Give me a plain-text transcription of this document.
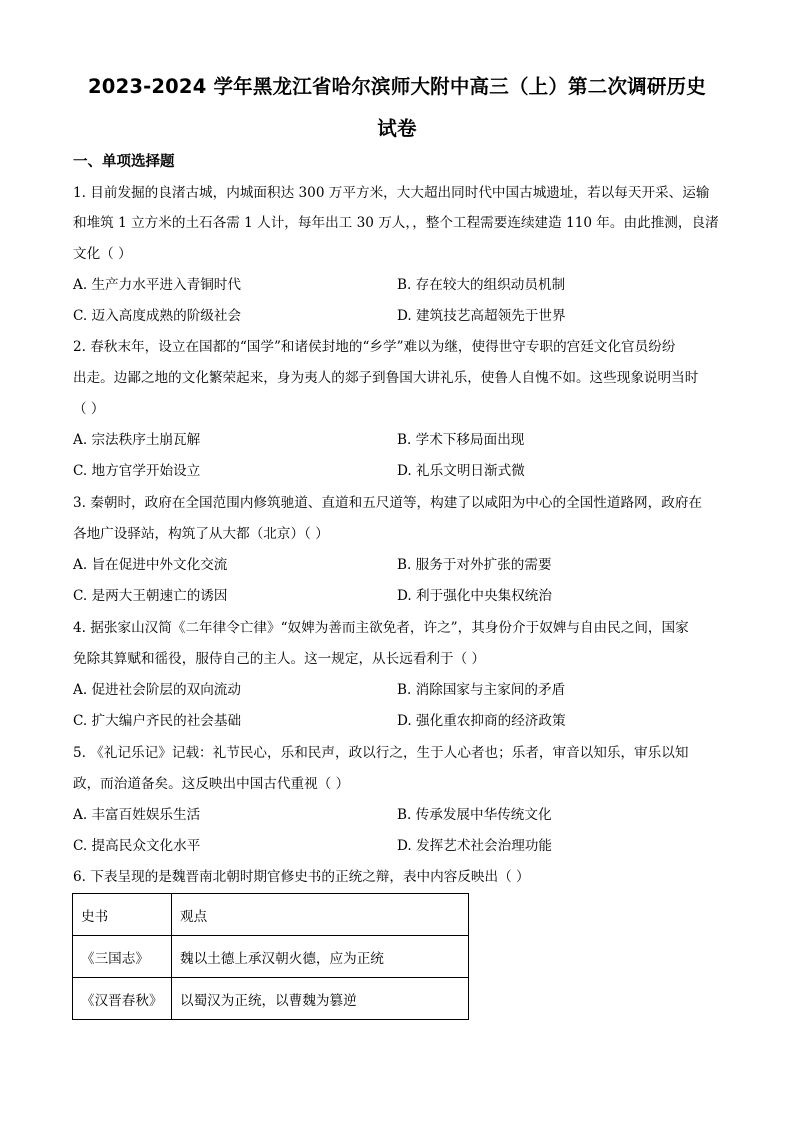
2023-2024 学年黑龙江省哈尔滨师大附中高三（上）第二次调研历史
试卷
一、单项选择题
1. 目前发掘的良渚古城，内城面积达 300 万平方米，大大超出同时代中国古城遗址，若以每天开采、运输
和堆筑 1 立方米的土石各需 1 人计，每年出工 30 万人，，整个工程需要连续建造 110 年。由此推测，良渚
文化（ ）
A. 生产力水平进入青铜时代	B. 存在较大的组织动员机制
C. 迈入高度成熟的阶级社会	D. 建筑技艺高超领先于世界
2. 春秋末年，设立在国都的“国学”和诸侯封地的“乡学”难以为继，使得世守专职的宫廷文化官员纷纷
出走。边鄙之地的文化繁荣起来，身为夷人的郯子到鲁国大讲礼乐，使鲁人自愧不如。这些现象说明当时
（ ）
A. 宗法秩序土崩瓦解	B. 学术下移局面出现
C. 地方官学开始设立	D. 礼乐文明日渐式微
3. 秦朝时，政府在全国范围内修筑驰道、直道和五尺道等，构建了以咸阳为中心的全国性道路网，政府在
各地广设驿站，构筑了从大都（北京）（ ）
A. 旨在促进中外文化交流	B. 服务于对外扩张的需要
C. 是两大王朝速亡的诱因	D. 利于强化中央集权统治
4. 据张家山汉简《二年律令亡律》“奴婢为善而主欲免者，许之”，其身份介于奴婢与自由民之间，国家
免除其算赋和徭役，服侍自己的主人。这一规定，从长远看利于（ ）
A. 促进社会阶层的双向流动	B. 消除国家与主家间的矛盾
C. 扩大编户齐民的社会基础	D. 强化重农抑商的经济政策
5. 《礼记乐记》记载：礼节民心，乐和民声，政以行之，生于人心者也；乐者，审音以知乐，审乐以知
政，而治道备矣。这反映出中国古代重视（ ）
A. 丰富百姓娱乐生活	B. 传承发展中华传统文化
C. 提高民众文化水平	D. 发挥艺术社会治理功能
6. 下表呈现的是魏晋南北朝时期官修史书的正统之辩，表中内容反映出（ ）
史书	观点
《三国志》	魏以土德上承汉朝火德，应为正统
《汉晋春秋》	以蜀汉为正统，以曹魏为篡逆
